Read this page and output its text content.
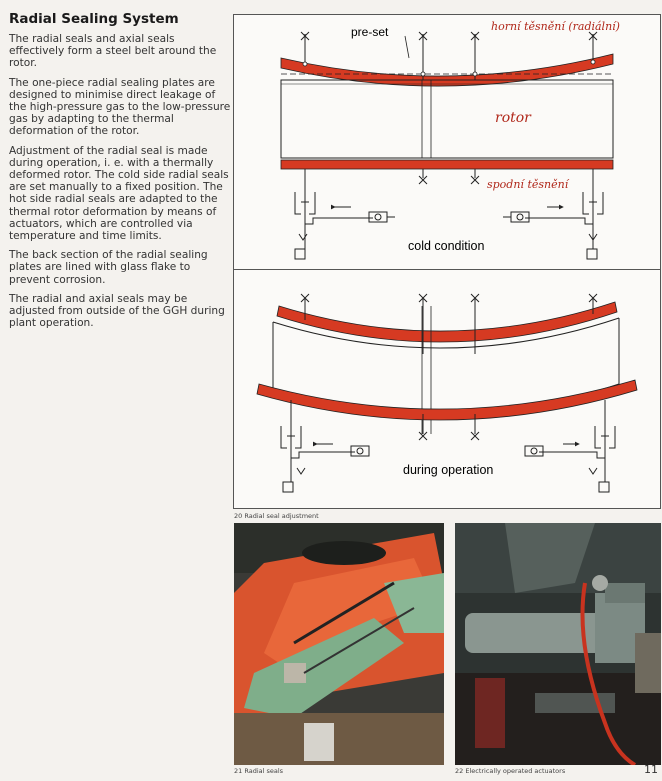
Radial Sealing System

The radial seals and axial seals effectively form a steel belt around the rotor.

The one-piece radial sealing plates are designed to minimise direct leakage of the high-pressure gas to the low-pressure gas by adapting to the thermal deformation of the rotor.

Adjustment of the radial seal is made during operation, i. e. with a thermally deformed rotor. The cold side radial seals are set manually to a fixed position. The hot side radial seals are adapted to the thermal rotor deformation by means of actuators, which are controlled via temperature and time limits.

The back section of the radial sealing plates are lined with glass flake to prevent corrosion.

The radial and axial seals may be adjusted from outside of the GGH during plant operation.

pre-set	horní těsnění (radiální)
rotor
spodní těsnění
cold condition
during operation
20 Radial seal adjustment
21 Radial seals	22 Electrically operated actuators	11
